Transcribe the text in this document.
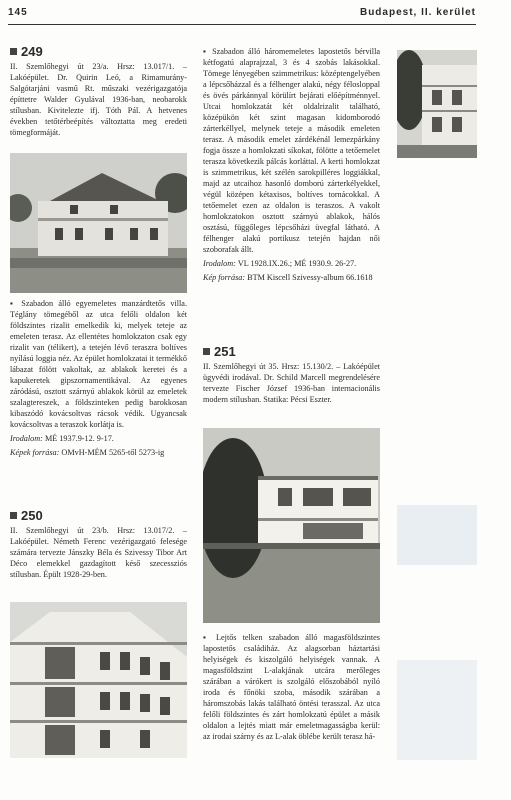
145	Budapest, II. kerület
249

II. Szemlőhegyi út 23/a. Hrsz: 13.017/1. – Lakóépület. Dr. Quirin Leó, a Rimamurány-Salgótarjáni vasmű Rt. műszaki vezérigazgatója építtetre Walder Gyulával 1936-ban, neobarokk stílusban. Kivitelezte ifj. Tóth Pál. A hetvenes években tetőtérbeépítés változtatta meg eredeti tömegformáját.

▪ Szabadon álló egyemeletes manzárdtetős villa. Téglány tömegéből az utca felőli oldalon két földszintes rizalit emelkedik ki, melyek teteje az emeleten terasz. Az ellentétes homlokzaton csak egy rizalit van (télikert), a tetején lévő teraszra boltíves nyílású loggia néz. Az épület homlokzatai it termékkő lábazat fölött vakoltak, az ablakok keretei és a kapukeretek gipszornamentikával. Az egyenes záródású, osztott szárnyú ablakok körül az emeletek szalagtereszek, a földszinteken pedig barokkosan kibaszódó kovácsoltvas rácsok védik. Ugyancsak kovácsoltvas a teraszok korlátja is.

Irodalom: MÉ 1937.9-12. 9-17.

Képek forrása: OMvH-MÉM 5265-től 5273-ig

250

II. Szemlőhegyi út 23/b. Hrsz: 13.017/2. – Lakóépület. Németh Ferenc vezérigazgató felesége számára tervezte Jánszky Béla és Szivessy Tibor Art Déco elemekkel gazdagított késő szecessziós stílusban. Épült 1928-29-ben.

▪ Szabadon álló háromemeletes lapostetős bérvilla kétfogatú alaprajzzal, 3 és 4 szobás lakásokkal. Tömege lényegében szimmetrikus: középtengelyében a lépcsőházzal és a félhenger alakú, négy félosloppal és övés párkánnyal körülírt bejárati előépítménnyel. Utcai homlokzatát két oldalrizalit található, középükön két szint magasan kidomborodó zárterkéllyel, melynek teteje a második emeleten terasz. A második emelet zárdékénál lemezpárkány fogja össze a homlokzati síkokat, fölötte a tetőemelet terasza következik pálcás korláttal. A kerti homlokzat is szimmetrikus, két szélén sarokpilléres loggiákkal, majd az utcaihoz hasonló domború zárterkélyekkel, végül középen kétaxisos, boltíves tornácokkal. A tetőemelet ezen az oldalon is teraszos. A vakolt homlokzatokon osztott szárnyú ablakok, hálós osztású, függőleges lépcsőházi üvegfal látható. A félhenger alakú portikusz tetején hajdan női szoborafak állt.

Irodalom: VL 1928.IX.26.; MÉ 1930.9. 26-27.

Kép forrása: BTM Kiscell Szivessy-album 66.1618

251

II. Szemlőhegyi út 35. Hrsz: 15.130/2. – Lakóépület ügyvédi irodával. Dr. Schild Marcell megrendelésére tervezte Fischer József 1936-ban internacionális modern stílusban. Statika: Pécsi Eszter.

▪ Lejtős telken szabadon álló magasföldszintes lapostetős családiház. Az alagsorban háztartási helyiségek és kiszolgáló helyiségek vannak. A magasföldszint L-alakjának utcára merőleges szárában a várókert is szolgáló előszobából nyíló iroda és főnöki szoba, második szárában a háromszobás lakás található öntési terasszal. Az utca felőli földszintes és zárt homlokzatú épület a másik oldalon a lejtés miatt már emeletmagasságba kerül: az irodai szárny és az L-alak öblébe került terasz há-
